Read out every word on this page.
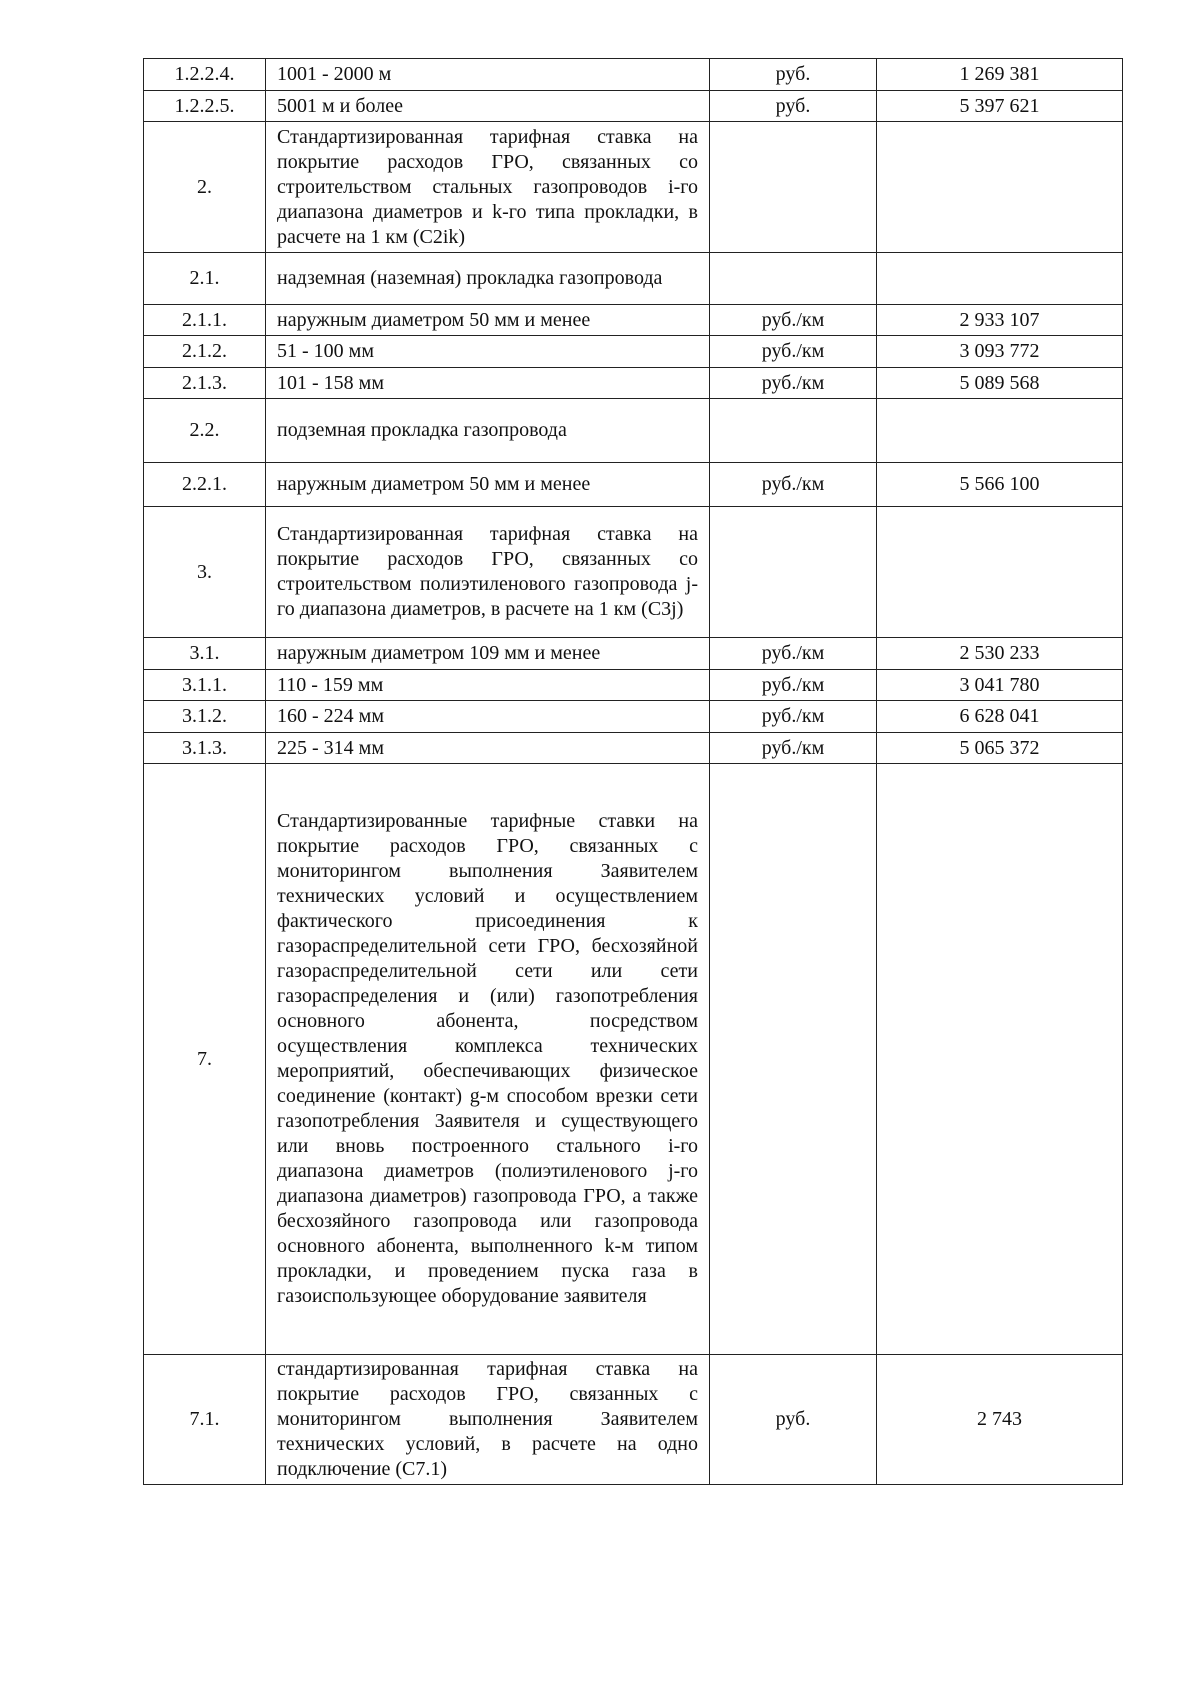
1.2.2.4.	1001 - 2000 м	руб.	1 269 381
1.2.2.5.	5001 м и более	руб.	5 397 621
2.	Стандартизированная тарифная ставка на покрытие расходов ГРО, связанных со строительством стальных газопроводов i-го диапазона диаметров и k-го типа прокладки, в расчете на 1 км (С2ik)		
2.1.	надземная (наземная) прокладка газопровода		
2.1.1.	наружным диаметром 50 мм и менее	руб./км	2 933 107
2.1.2.	51 - 100 мм	руб./км	3 093 772
2.1.3.	101 - 158 мм	руб./км	5 089 568
2.2.	подземная прокладка газопровода		
2.2.1.	наружным диаметром 50 мм и менее	руб./км	5 566 100
3.	Стандартизированная тарифная ставка на покрытие расходов ГРО, связанных со строительством полиэтиленового газопровода j-го диапазона диаметров, в расчете на 1 км (С3j)		
3.1.	наружным диаметром 109 мм и менее	руб./км	2 530 233
3.1.1.	110 - 159 мм	руб./км	3 041 780
3.1.2.	160 - 224 мм	руб./км	6 628 041
3.1.3.	225 - 314 мм	руб./км	5 065 372
7.	Стандартизированные тарифные ставки на покрытие расходов ГРО, связанных с мониторингом выполнения Заявителем технических условий и осуществлением фактического присоединения к газораспределительной сети ГРО, бесхозяйной газораспределительной сети или сети газораспределения и (или) газопотребления основного абонента, посредством осуществления комплекса технических мероприятий, обеспечивающих физическое соединение (контакт) g-м способом врезки сети газопотребления Заявителя и существующего или вновь построенного стального i-го диапазона диаметров (полиэтиленового j-го диапазона диаметров) газопровода ГРО, а также бесхозяйного газопровода или газопровода основного абонента, выполненного k-м типом прокладки, и проведением пуска газа в газоиспользующее оборудование заявителя		
7.1.	стандартизированная тарифная ставка на покрытие расходов ГРО, связанных с мониторингом выполнения Заявителем технических условий, в расчете на одно подключение (С7.1)	руб.	2 743
